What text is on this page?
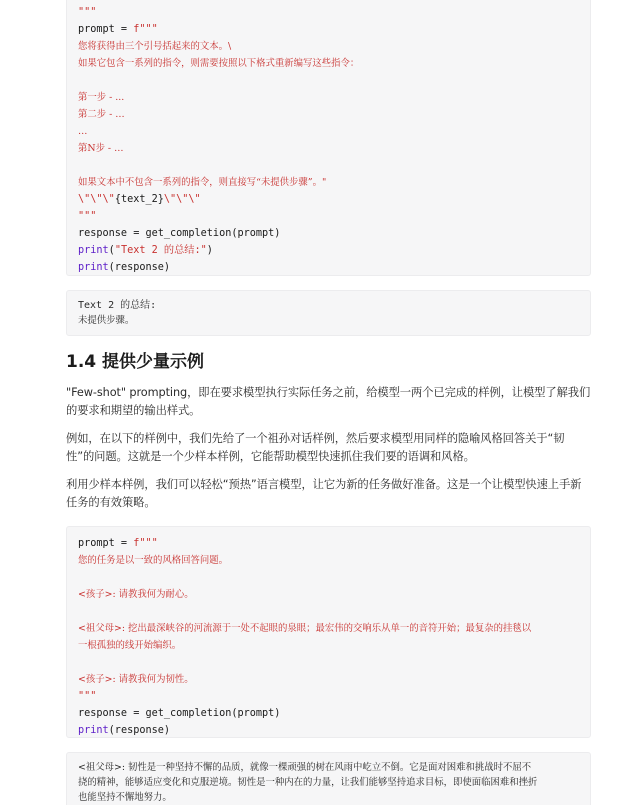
"""
prompt = f"""
您将获得由三个引号括起来的文本。\
如果它包含一系列的指令，则需要按照以下格式重新编写这些指令：
第一步 - ...
第二步 - …
…
第N步 - …
如果文本中不包含一系列的指令，则直接写“未提供步骤”。"
\"\"\"{text_2}\"\"\"
"""
response = get_completion(prompt)
print("Text 2 的总结:")
print(response)
Text 2 的总结:
未提供步骤。
1.4 提供少量示例

"Few-shot" prompting，即在要求模型执行实际任务之前，给模型一两个已完成的样例，让模型了解我们的要求和期望的输出样式。

例如，在以下的样例中，我们先给了一个祖孙对话样例，然后要求模型用同样的隐喻风格回答关于“韧性”的问题。这就是一个少样本样例，它能帮助模型快速抓住我们要的语调和风格。

利用少样本样例，我们可以轻松“预热”语言模型，让它为新的任务做好准备。这是一个让模型快速上手新任务的有效策略。

prompt = f"""
您的任务是以一致的风格回答问题。
<孩子>: 请教我何为耐心。
<祖父母>: 挖出最深峡谷的河流源于一处不起眼的泉眼；最宏伟的交响乐从单一的音符开始；最复杂的挂毯以
一根孤独的线开始编织。
<孩子>: 请教我何为韧性。
"""
response = get_completion(prompt)
print(response)
<祖父母>: 韧性是一种坚持不懈的品质，就像一棵顽强的树在风雨中屹立不倒。它是面对困难和挑战时不屈不
挠的精神，能够适应变化和克服逆境。韧性是一种内在的力量，让我们能够坚持追求目标，即使面临困难和挫折
也能坚持不懈地努力。
